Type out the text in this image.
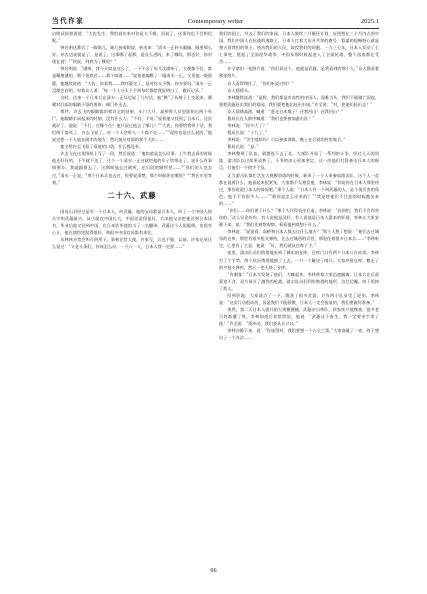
当代作家	Contemporary writer	2025.1

启明试探着说道：“大佐先生，我怕说出来对你是大不敬，再说了，这事你也不会相信呢。”

钟启明这番话了一眼陈几，陈几接着狼说，转出来：“清水一正转头眼眼，眼里那么好。你去边说就是了，是说了，这事哪了起那，是自么进吗，来了哪吗，那也好，你对现在说？”“快说，到底为了哪里？”

钟启明说：“湖州，我今天如是这么了，一下午去了好几次湖州了，大便都不住，都是稀溏溏的，那个拍底还……那个味道……”说着他偏瞧了一眼清水一正，又见他一脸狐疑，他继续说道：“大佐，你看我……我怀疑完了，是对你太不敬。你亦要妈。”清水一正没理会启明，对着众人道：“每一个人分头下手到每好都给我说明白了，做好记录。”

这时，送来一个日本兵在清水一正耳边说了几句话，他“腾”了从椅子上坐起来，暖暖对后面的眼睛子留的道眉，刷门外走去。

那件，许去飞的眼睛都斜着许全的结果，车门大开，高桥带人从里面抬出两个死尸。他眼睛半闭起来的时刻，没有什么力。“不对，不对。”说着他又找到了日本兵，这次就好了，他说：“不行，在哪个位？他只说过他去了哪儿？”“大佐，你要给我带个话，我们两个都死了，许去飞说了，对一个人会带人一个都不在……”“说你也是这么说的，”他说完把一个人放在刚才的地方，然后接过对面的那个大约……

他又给许去飞看了看他的口袋，什么都没有。

许去飞在这张图纸上写了一段，然后说道：“鬼知道是怎么回事，上午我去看的时候他还好好的，下午就不见了。这个一个清水一正这就把他的车子给带走了，说什么有事情要办，我就跟着去了。这期间他去过厕所，在后院的厕所里……”“你们的人也去过，”清水一正说，“那个日本兵也去过，你要说清楚，那个时候你在哪里？”“我在车里等着。”

二十六、武藤

国岛山县经过是有一个日本人，叫武藤，他的父母都是日本人，叫了一个中国人的名字叫武藤新吉，从小就在中国长大，中国话说得很好。后来他父亲把他送到日本读书，毕业后他又回到中国，在日本驻华使馆当了一名翻译。武藤这个人很聪明，也很有心计，他在使馆里混得很好，和很多中国官员都有来往。

东林林谷常会叫可供用于。事林在给大使，许家写，兵也不服，以前，许家兄弟这么说过：“又老斗条们，你该怎么办，一九八一人，日本人我一定要……”

我们的国土，夺去了我们的家园，日本人鼓吹三月攘还计划，妄图想在三个月内占领中国。我们中国人在抗战的道路上，日本人打着大东亚共荣的旗号，篡谋的侵略野心就是想占领我们的领土，统治我们的人民，奴役我们的同胞。一九三七年，日本人发动了七七事变，挑起了全面侵华战争，中国从那时候起进入了全面抗战，整个国家都在受苦……

许全拿出一张照片说：“你们看这个，他就是武藤，是我看到的那个人。”众人都看着那张照片。

众人看得愣住了，“你们听说过吗？”

众人摇摇头。

李林继续说道：“是野，我们都是有血性的中国人，国难当头，我们不能做亡国奴，要把武藤赶出我们的家园。我们要把他们赶出中国。”许全说：“对，把他们赶出去！”

众人情绪高涨，喊道：“赶走日本鬼子！还我河山！还我河山！”

曹局长在人群中喊道：“我们也要参加游击队！”

李林说：“你多大了？”

曹局长说：“十九了。”

李林说：“学生组织吗？可以参加训练，晚上在后面的村里集合。”

曹局长说：“是。”

李林整理了队伍，就整连下去了北。大部队开始了一系列的斗争，经过几天的训练，游击队以过前更成熟了，斗争的决心更加坚定，这一次他们打算袭击日本人的据点，打他们一个措手不及。

正当游击队都忙活在大规模训练的时候，新来了一个人来参加游击队，这个人一直都在说着什么，他看起来很紧张，大家都不太相信他，李林说：“你说你在日本人那里待过，那你说说日本人的情况吧。”那个人说：“日本人有一个叫武藤的人，是个很厉害的角色，他手下有很多人……”“那你是怎么出来的？”“我是趁他们不注意的时候跑出来的……”

“你们……你们要干什么？”那个人吓得直往后退，李林说：“你别怕，我们不会伤害你的。”众人议论纷纷，有人说他是汉奸，有人说他是日本人派来的奸细，李林让大家安静下来，说：“我们先观察观察，看看他到底想干什么。”

李林说：“说说看，高桥和日本人都去过什么地方？”那个人想了想说：“他们去过城东的仓库，那里有很多枪支弹药，还去过城西的兵营，那里住着很多日本兵……”李林听完，心里有了主意，他说：“好，我们就从仓库下手。”

夜里，游击队员们悄悄地来到了城东的仓库，仓库门口有两个日本兵在站岗。李林打了个手势，两个队员悄悄地摸了上去，一刀一个解决了哨兵。大家冲进仓库，搬走了很多枪支弹药，然后一把火烧了仓库。

“有刺客！”日本兵发现了他们，大喊起来。李林带着大家迅速撤离，日本兵在后面紧追不舍，双方展开了激烈的枪战。游击队员们利用熟悉的地形，边打边撤，终于甩掉了敌人。

回到驻地，大家清点了一下，缴获了很多武器，只有两个队员受了轻伤。李林说：“这次行动很成功，但是我们不能骄傲，日本人一定会报复的，我们要做好准备。”

果然，第二天日本人就开始大规模搜捕，武藤亲自带队，挨家挨户地搜查，很多老百姓都遭了殃。李林知道后非常愤怒，他说：“武藤这个畜生，我一定要亲手杀了他！”许全说：“别冲动，我们要从长计议。”

李林冷静下来，说：“你说得对，我们要想一个万全之策。”大家商量了一夜，终于想出了一个办法……

66
